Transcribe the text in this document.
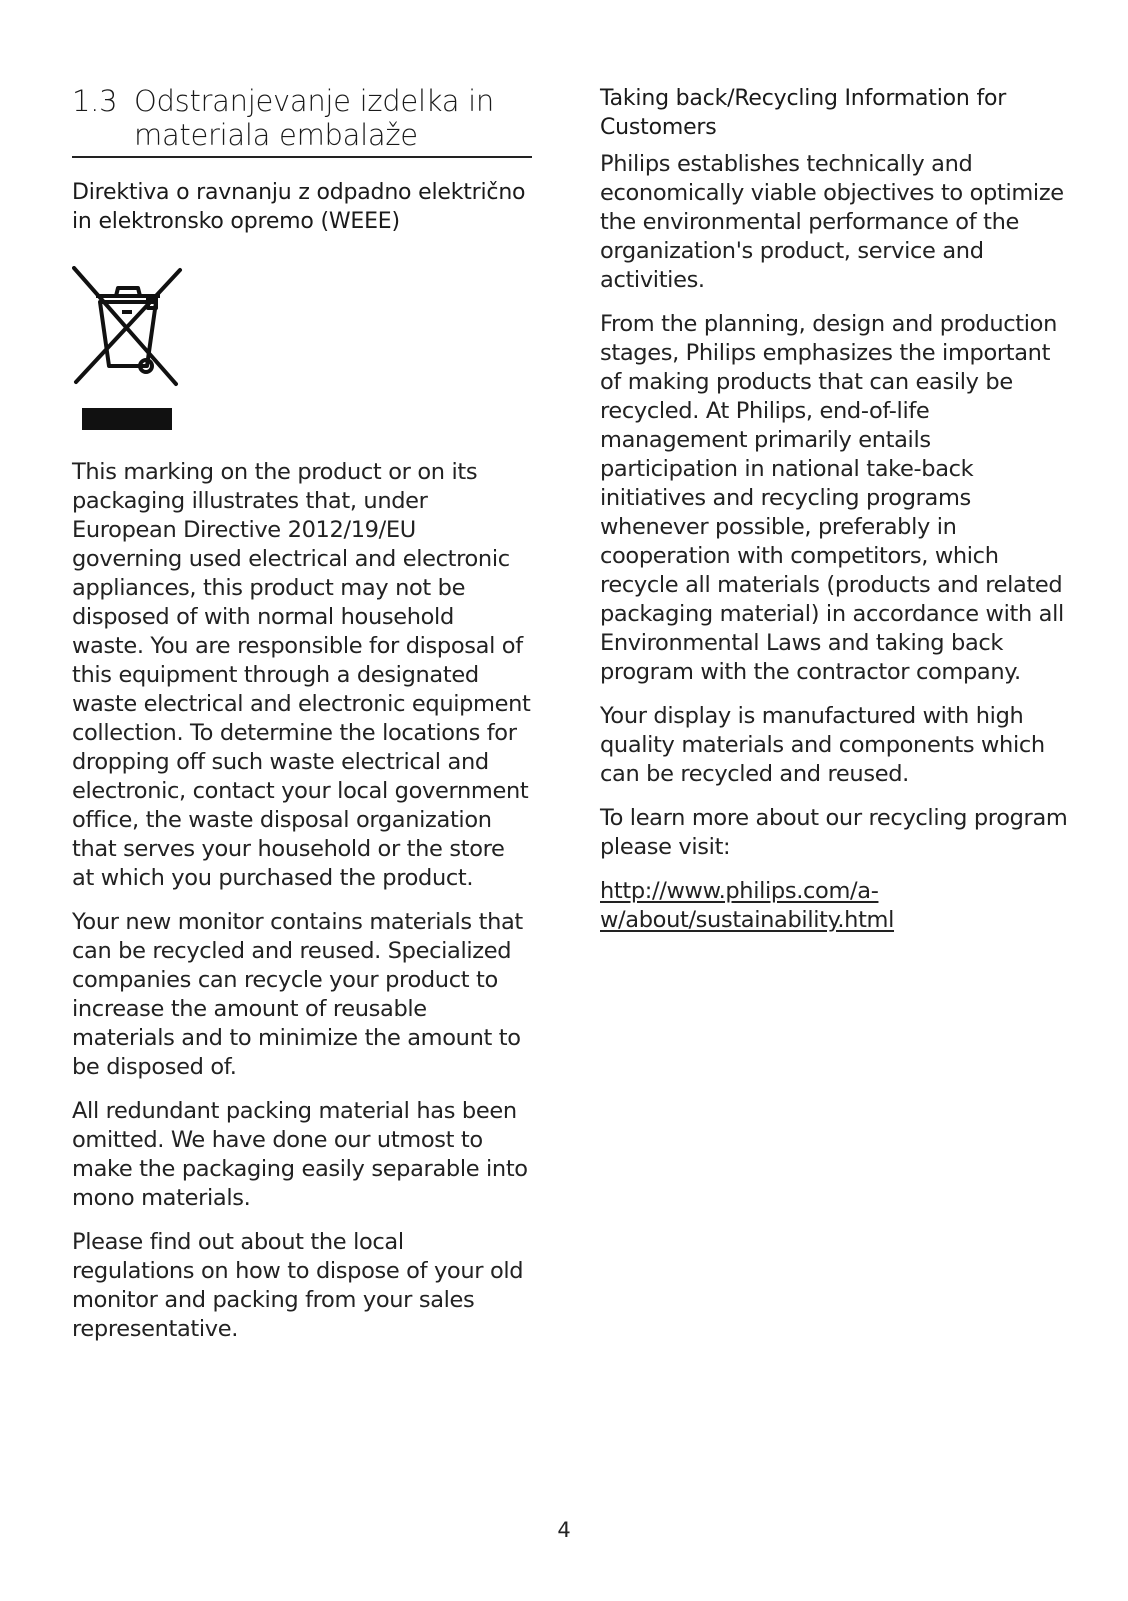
1.3 Odstranjevanje izdelka in materiala embalaže
Direktiva o ravnanju z odpadno električno in elektronsko opremo (WEEE)

This marking on the product or on its packaging illustrates that, under European Directive 2012/19/EU governing used electrical and electronic appliances, this product may not be disposed of with normal household waste. You are responsible for disposal of this equipment through a designated waste electrical and electronic equipment collection. To determine the locations for dropping off such waste electrical and electronic, contact your local government office, the waste disposal organization that serves your household or the store at which you purchased the product.

Your new monitor contains materials that can be recycled and reused. Specialized companies can recycle your product to increase the amount of reusable materials and to minimize the amount to be disposed of.

All redundant packing material has been omitted. We have done our utmost to make the packaging easily separable into mono materials.

Please find out about the local regulations on how to dispose of your old monitor and packing from your sales representative.

Taking back/Recycling Information for Customers

Philips establishes technically and economically viable objectives to optimize the environmental performance of the organization's product, service and activities.

From the planning, design and production stages, Philips emphasizes the important of making products that can easily be recycled. At Philips, end-of-life management primarily entails participation in national take-back initiatives and recycling programs whenever possible, preferably in cooperation with competitors, which recycle all materials (products and related packaging material) in accordance with all Environmental Laws and taking back program with the contractor company.

Your display is manufactured with high quality materials and components which can be recycled and reused.

To learn more about our recycling program please visit:

http://www.philips.com/a-w/about/sustainability.html

4
